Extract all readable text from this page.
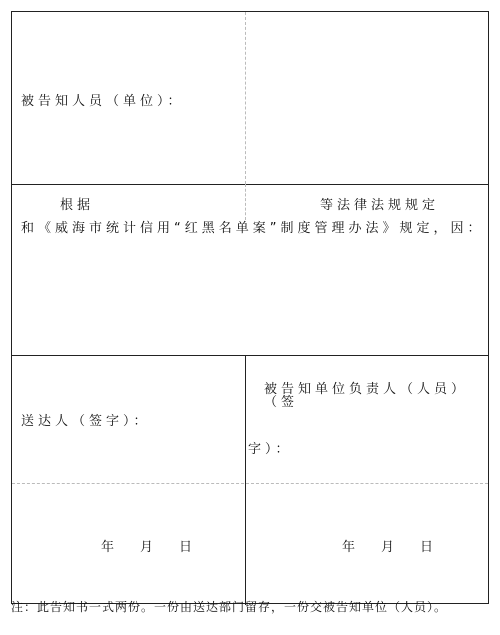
被告知人员（单位）：
根据	等法律法规规定
和《威海市统计信用“红黑名单案”制度管理办法》规定，因：
送达人（签字）：
被告知单位负责人（人员）（签
字）：
年　　月　　日	年　　月　　日
注：此告知书一式两份。一份由送达部门留存，一份交被告知单位（人员）。
